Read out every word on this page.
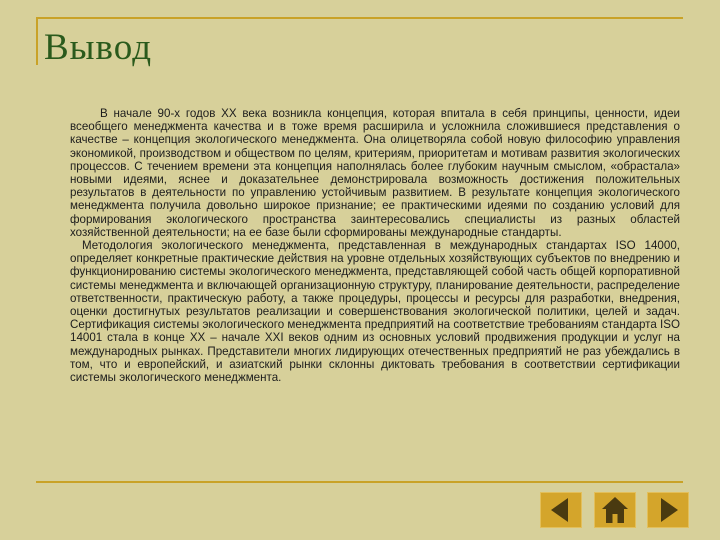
Вывод

В начале 90-х годов XX века возникла концепция, которая впитала в себя принципы, ценности, идеи всеобщего менеджмента качества и в тоже время расширила и усложнила сложившиеся представления о качестве – концепция экологического менеджмента. Она олицетворяла собой новую философию управления экономикой, производством и обществом по целям, критериям, приоритетам и мотивам развития экологических процессов. С течением времени эта концепция наполнялась более глубоким научным смыслом, «обрастала» новыми идеями, яснее и доказательнее демонстрировала возможность достижения положительных результатов в деятельности по управлению устойчивым развитием. В результате концепция экологического менеджмента получила довольно широкое признание; ее практическими идеями по созданию условий для формирования экологического пространства заинтересовались специалисты из разных областей хозяйственной деятельности; на ее базе были сформированы международные стандарты.

Методология экологического менеджмента, представленная в международных стандартах ISO 14000, определяет конкретные практические действия на уровне отдельных хозяйствующих субъектов по внедрению и функционированию системы экологического менеджмента, представляющей собой часть общей корпоративной системы менеджмента и включающей организационную структуру, планирование деятельности, распределение ответственности, практическую работу, а также процедуры, процессы и ресурсы для разработки, внедрения, оценки достигнутых результатов реализации и совершенствования экологической политики, целей и задач. Сертификация системы экологического менеджмента предприятий на соответствие требованиям стандарта ISO 14001 стала в конце XX – начале XXI веков одним из основных условий продвижения продукции и услуг на международных рынках. Представители многих лидирующих отечественных предприятий не раз убеждались в том, что и европейский, и азиатский рынки склонны диктовать требования в соответствии сертификации системы экологического менеджмента.
